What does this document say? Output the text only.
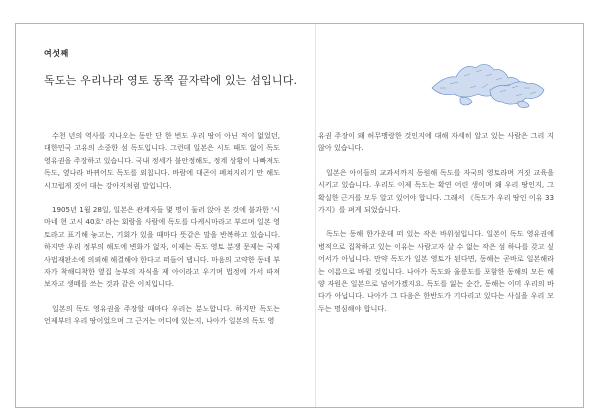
여섯째
독도는 우리나라 영토 동쪽 끝자락에 있는 섬입니다.

수천 년의 역사를 지나오는 동안 단 한 번도 우리 땅이 아닌 적이 없었던, 대한민국 고유의 소중한 섬 독도입니다. 그런데 일본은 시도 때도 없이 독도 영유권을 주장하고 있습니다. 국내 정세가 불안정해도, 정계 상황이 나빠져도 독도, 옆나라 바뀌어도 독도를 외칩니다. 바람에 대곤이 폐쳐지리기 만 해도 시끄럽게 짓어 대는 강아지처럼 말입니다.

1905년 1월 28일, 일본은 관계자들 몇 명이 둘러 앉아 본 것에 불과한 '시마네 현 고시 40호' 라는 회람을 사람에 독도를 다케시마라고 부르며 일본 영토라고 표기해 놓고는, 기회가 있을 때마다 뜻같은 말을 반복하고 있습니다. 하지만 우리 정부의 해도에 변화가 없자, 이제는 독도 영토 분쟁 문제는 국제사법재판소에 의뢰해 해결해야 한다고 떠들어 댑니다. 마음의 고약한 동네 부자가 착해디착한 옆집 농부의 자식을 제 아이라고 우기며 법정에 가서 따져 보자고 생떼를 쓰는 것과 같은 이치입니다.

일본의 독도 영유권을 주장할 때마다 우리는 분노합니다. 하지만 독도는 언제부터 우리 땅이었으며 그 근거는 어디에 있는지, 나아가 일본의 독도 영

유권 주장이 왜 허무맹랑한 것인지에 대해 자세히 알고 있는 사람은 그리 지 않아 있습니다.

일본은 아이들의 교과서까지 동원해 독도를 자국의 영토라며 거짓 교육을 시키고 있습니다. 우리도 이제 독도는 확연 어린 생이며 왜 우리 땅인지, 그 확실한 근거를 모두 알고 있어야 합니다. 그래서 《독도가 우리 땅인 이유 33가지》를 펴게 되었습니다.

독도는 동해 한가운데 떠 있는 작은 바위섬입니다. 일본이 독도 영유권에 병적으로 집착하고 있는 이유는 사람고자 살 수 없는 작은 섬 하나를 갖고 싶어서가 아닙니다. 만약 독도가 일본 영토가 된다면, 동해는 곧바로 일본해라는 이름으로 바뀔 것입니다. 나아가 독도와 울릉도를 포함한 동해의 모든 해양 자원은 일본으로 넘어가겠지요. 독도를 잃는 순간, 동해는 이미 우리의 바다가 아닙니다. 나아가 그 다음은 한반도가 기다리고 있다는 사실을 우리 모두는 명심해야 합니다.
